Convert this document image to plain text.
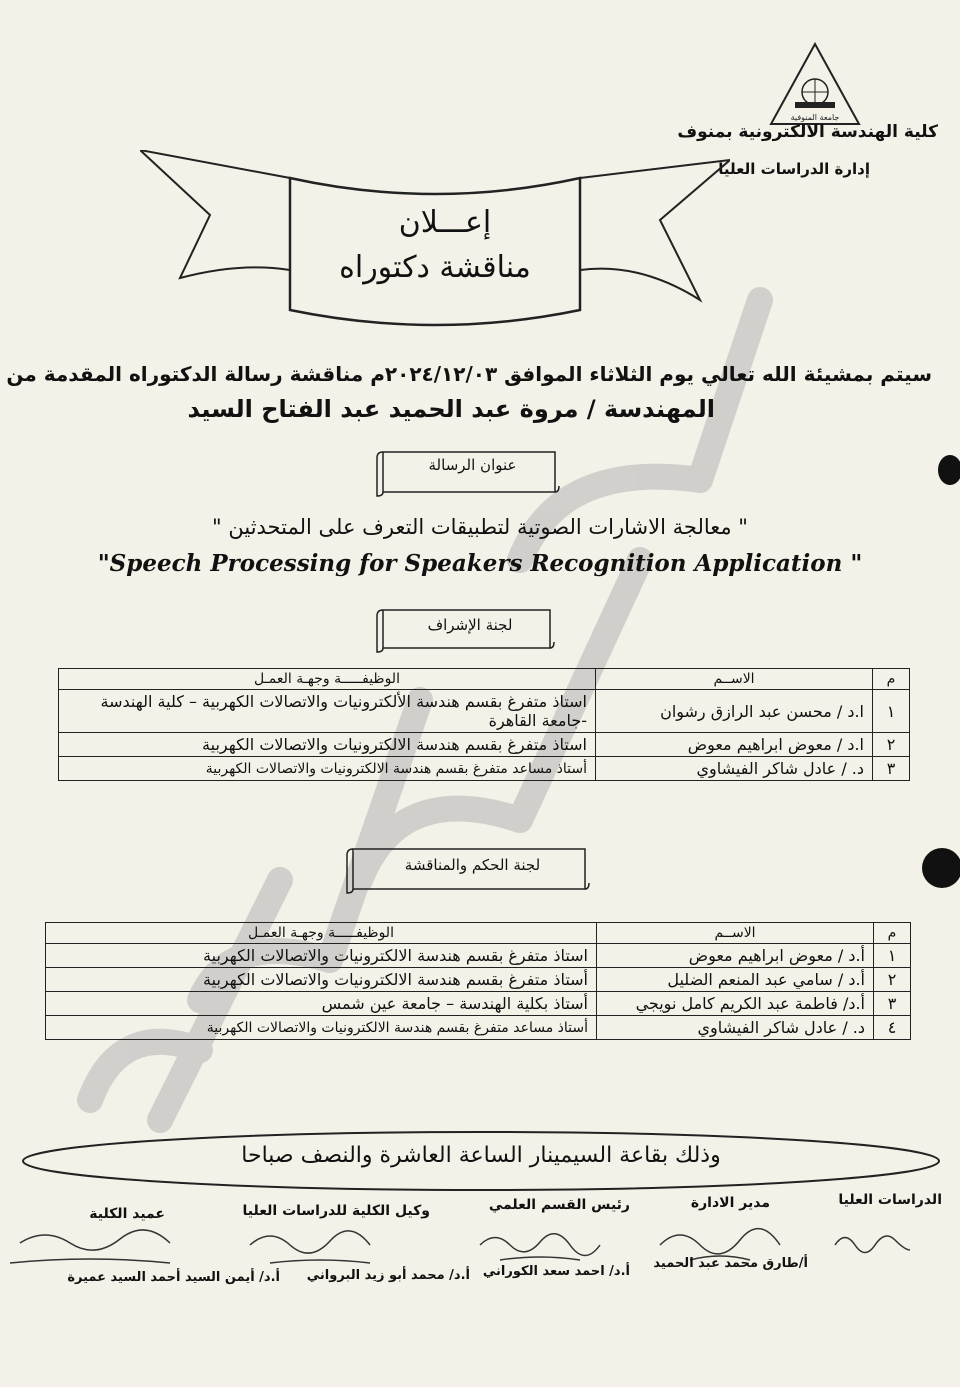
جامعة المنوفية
كلية الهندسة الالكترونية بمنوف
إدارة الدراسات العليا
إعـــلان
مناقشة دكتوراه
سيتم بمشيئة الله تعالي يوم الثلاثاء الموافق ٢٠٢٤/١٢/٠٣م مناقشة رسالة الدكتوراه المقدمة من
المهندسة / مروة عبد الحميد عبد الفتاح السيد
عنوان الرسالة
" معالجة الاشارات الصوتية لتطبيقات التعرف على المتحدثين "
"Speech Processing for Speakers Recognition Application "
لجنة الإشراف
م	الاســم	الوظيفـــــة وجهـة العمـل
١	ا.د / محسن عبد الرازق رشوان	استاذ متفرغ بقسم هندسة الألكترونيات والاتصالات الكهربية – كلية الهندسة -جامعة القاهرة
٢	ا.د / معوض ابراهيم معوض	استاذ متفرغ بقسم هندسة الالكترونيات والاتصالات الكهربية
٣	د. / عادل شاكر الفيشاوي	أستاذ مساعد متفرغ بقسم هندسة الالكترونيات والاتصالات الكهربية
لجنة الحكم والمناقشة
م	الاســم	الوظيفـــــة وجهـة العمـل
١	أ.د / معوض ابراهيم معوض	استاذ متفرغ بقسم هندسة الالكترونيات والاتصالات الكهربية
٢	أ.د / سامي عبد المنعم الضليل	أستاذ متفرغ بقسم هندسة الالكترونيات والاتصالات الكهربية
٣	أ.د/ فاطمة عبد الكريم كامل نويجي	أستاذ بكلية الهندسة – جامعة عين شمس
٤	د. / عادل شاكر الفيشاوي	أستاذ مساعد متفرغ بقسم هندسة الالكترونيات والاتصالات الكهربية
وذلك بقاعة السيمينار الساعة العاشرة والنصف صباحا
الدراسات العليا
مدير الادارة
رئيس القسم العلمي
وكيل الكلية للدراسات العليا
عميد الكلية
أ/طارق محمد عبد الحميد
أ.د/ احمد سعد الكوراني
أ.د/ محمد أبو زيد البرواني
أ.د/ أيمن السيد أحمد السيد عميرة
